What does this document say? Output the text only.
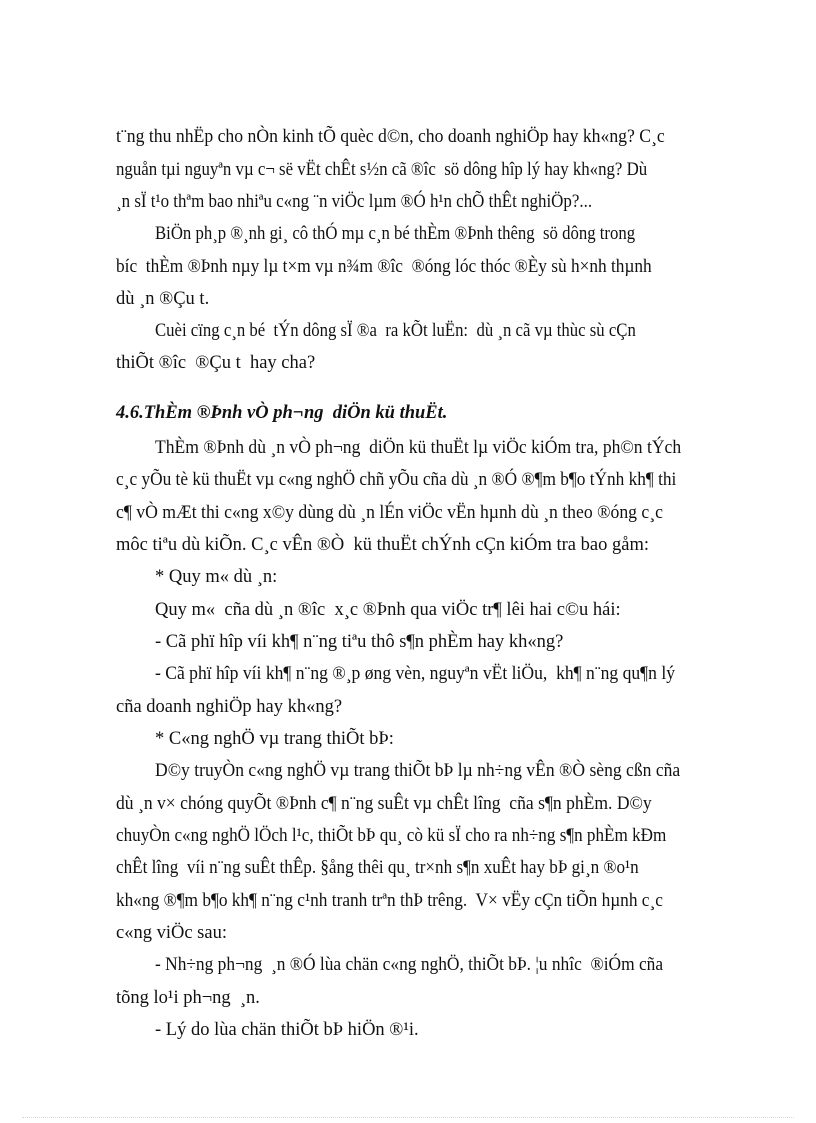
t¨ng thu nhËp cho nÒn kinh tÕ quèc d©n, cho doanh nghiÖp hay kh«ng? C¸c
nguån tµi nguyªn vµ c¬ së vËt chÊt s½n cã ®îc  sö dông hîp lý hay kh«ng? Dù
¸n sÏ t¹o thªm bao nhiªu c«ng ¨n viÖc lµm ®Ó h¹n chÕ thÊt nghiÖp?...
BiÖn ph¸p ®¸nh gi¸ cô thÓ mµ c¸n bé thÈm ®Þnh thêng  sö dông trong
bíc  thÈm ®Þnh nµy lµ t×m vµ n¾m ®îc  ®óng lóc thóc ®Èy sù h×nh thµnh
dù ¸n ®Çu t.
Cuèi cïng c¸n bé  tÝn dông sÏ ®a  ra kÕt luËn:  dù ¸n cã vµ thùc sù cÇn
thiÕt ®îc  ®Çu t  hay cha?
4.6.ThÈm ®Þnh vÒ ph¬ng  diÖn kü thuËt.
ThÈm ®Þnh dù ¸n vÒ ph¬ng  diÖn kü thuËt lµ viÖc kiÓm tra, ph©n tÝch
c¸c yÕu tè kü thuËt vµ c«ng nghÖ chñ yÕu cña dù ¸n ®Ó ®¶m b¶o tÝnh kh¶ thi
c¶ vÒ mÆt thi c«ng x©y dùng dù ¸n lÉn viÖc vËn hµnh dù ¸n theo ®óng c¸c
môc tiªu dù kiÕn. C¸c vÊn ®Ò  kü thuËt chÝnh cÇn kiÓm tra bao gåm:
* Quy m« dù ¸n:
Quy m«  cña dù ¸n ®îc  x¸c ®Þnh qua viÖc tr¶ lêi hai c©u hái:
- Cã phï hîp víi kh¶ n¨ng tiªu thô s¶n phÈm hay kh«ng?
- Cã phï hîp víi kh¶ n¨ng ®¸p øng vèn, nguyªn vËt liÖu,  kh¶ n¨ng qu¶n lý
cña doanh nghiÖp hay kh«ng?
* C«ng nghÖ vµ trang thiÕt bÞ:
D©y truyÒn c«ng nghÖ vµ trang thiÕt bÞ lµ nh÷ng vÊn ®Ò sèng cßn cña
dù ¸n v× chóng quyÕt ®Þnh c¶ n¨ng suÊt vµ chÊt lîng  cña s¶n phÈm. D©y
chuyÒn c«ng nghÖ lÖch l¹c, thiÕt bÞ qu¸ cò kü sÏ cho ra nh÷ng s¶n phÈm kÐm
chÊt lîng  víi n¨ng suÊt thÊp. §ång thêi qu¸ tr×nh s¶n xuÊt hay bÞ gi¸n ®o¹n
kh«ng ®¶m b¶o kh¶ n¨ng c¹nh tranh trªn thÞ trêng.  V× vËy cÇn tiÕn hµnh c¸c
c«ng viÖc sau:
- Nh÷ng ph¬ng  ¸n ®Ó lùa chän c«ng nghÖ, thiÕt bÞ. ¦u nhîc  ®iÓm cña
tõng lo¹i ph¬ng  ¸n.
- Lý do lùa chän thiÕt bÞ hiÖn ®¹i.
